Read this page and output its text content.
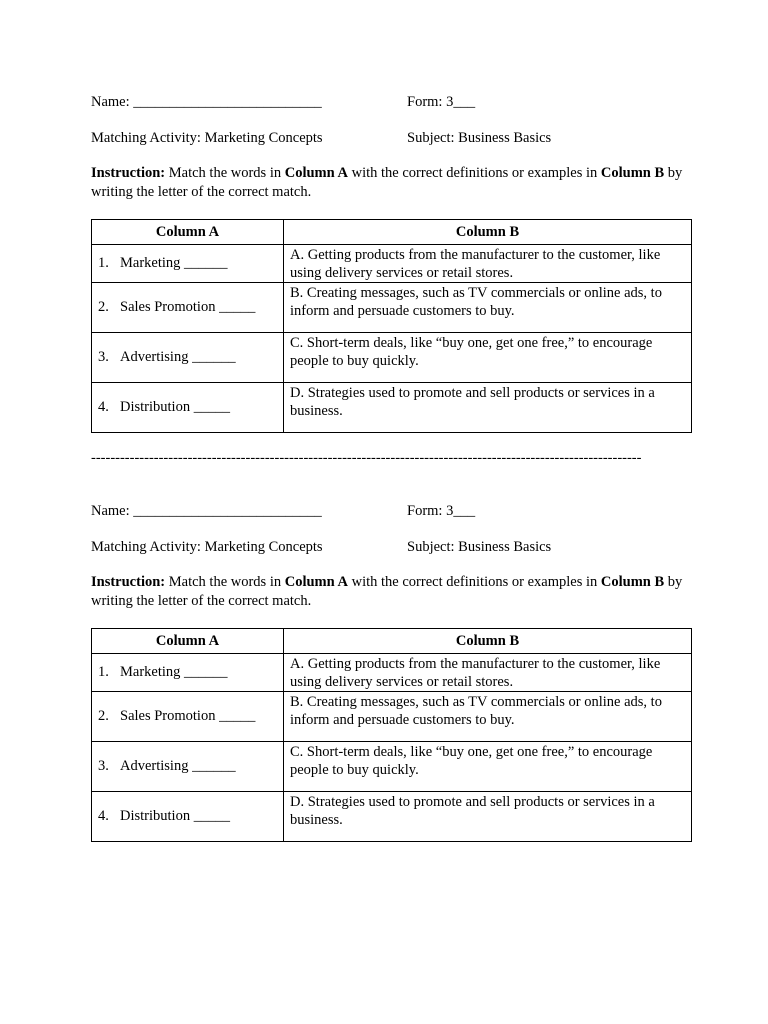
Name: __________________________	Form: 3___
Matching Activity: Marketing Concepts	Subject: Business Basics
Instruction: Match the words in Column A with the correct definitions or examples in Column B by writing the letter of the correct match.
Column A	Column B
1. Marketing ______	A. Getting products from the manufacturer to the customer, like using delivery services or retail stores.
2. Sales Promotion _____	B. Creating messages, such as TV commercials or online ads, to inform and persuade customers to buy.
3. Advertising ______	C. Short-term deals, like “buy one, get one free,” to encourage people to buy quickly.
4. Distribution _____	D. Strategies used to promote and sell products or services in a business.
------------------------------------------------------------------------------------------------------------------
Name: __________________________	Form: 3___
Matching Activity: Marketing Concepts	Subject: Business Basics
Instruction: Match the words in Column A with the correct definitions or examples in Column B by writing the letter of the correct match.
Column A	Column B
1. Marketing ______	A. Getting products from the manufacturer to the customer, like using delivery services or retail stores.
2. Sales Promotion _____	B. Creating messages, such as TV commercials or online ads, to inform and persuade customers to buy.
3. Advertising ______	C. Short-term deals, like “buy one, get one free,” to encourage people to buy quickly.
4. Distribution _____	D. Strategies used to promote and sell products or services in a business.
